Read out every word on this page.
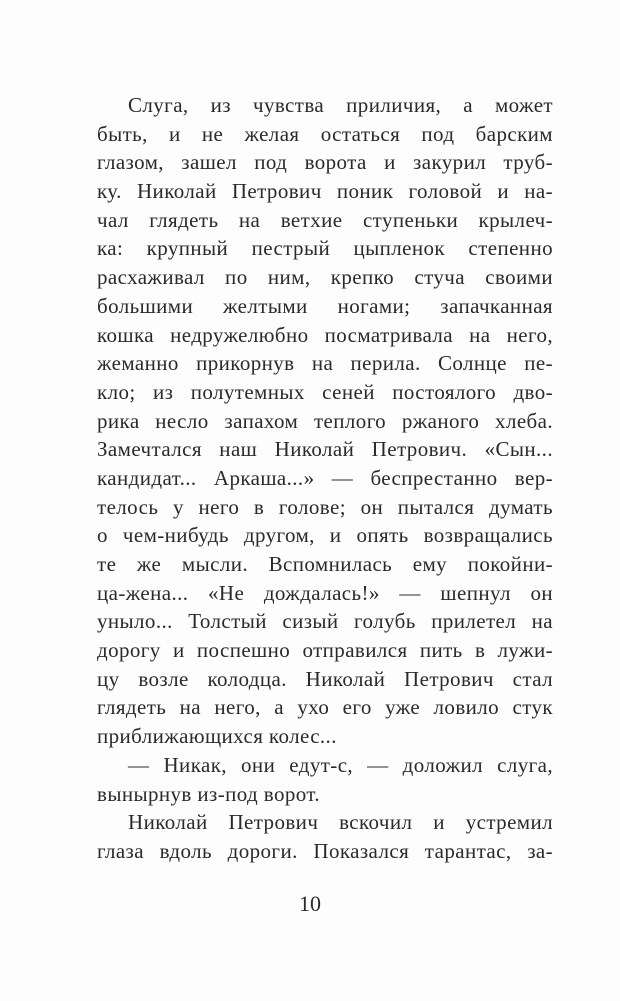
Слуга, из чувства приличия, а может
быть, и не желая остаться под барским
глазом, зашел под ворота и закурил труб-
ку. Николай Петрович поник головой и на-
чал глядеть на ветхие ступеньки крылеч-
ка: крупный пестрый цыпленок степенно
расхаживал по ним, крепко стуча своими
большими желтыми ногами; запачканная
кошка недружелюбно посматривала на него,
жеманно прикорнув на перила. Солнце пе-
кло; из полутемных сеней постоялого дво-
рика несло запахом теплого ржаного хлеба.
Замечтался наш Николай Петрович. «Сын...
кандидат... Аркаша...» — беспрестанно вер-
телось у него в голове; он пытался думать
о чем-нибудь другом, и опять возвращались
те же мысли. Вспомнилась ему покойни-
ца-жена... «Не дождалась!» — шепнул он
уныло... Толстый сизый голубь прилетел на
дорогу и поспешно отправился пить в лужи-
цу возле колодца. Николай Петрович стал
глядеть на него, а ухо его уже ловило стук
приближающихся колес...
— Никак, они едут-с, — доложил слуга,
вынырнув из-под ворот.
Николай Петрович вскочил и устремил
глаза вдоль дороги. Показался тарантас, за-
10
